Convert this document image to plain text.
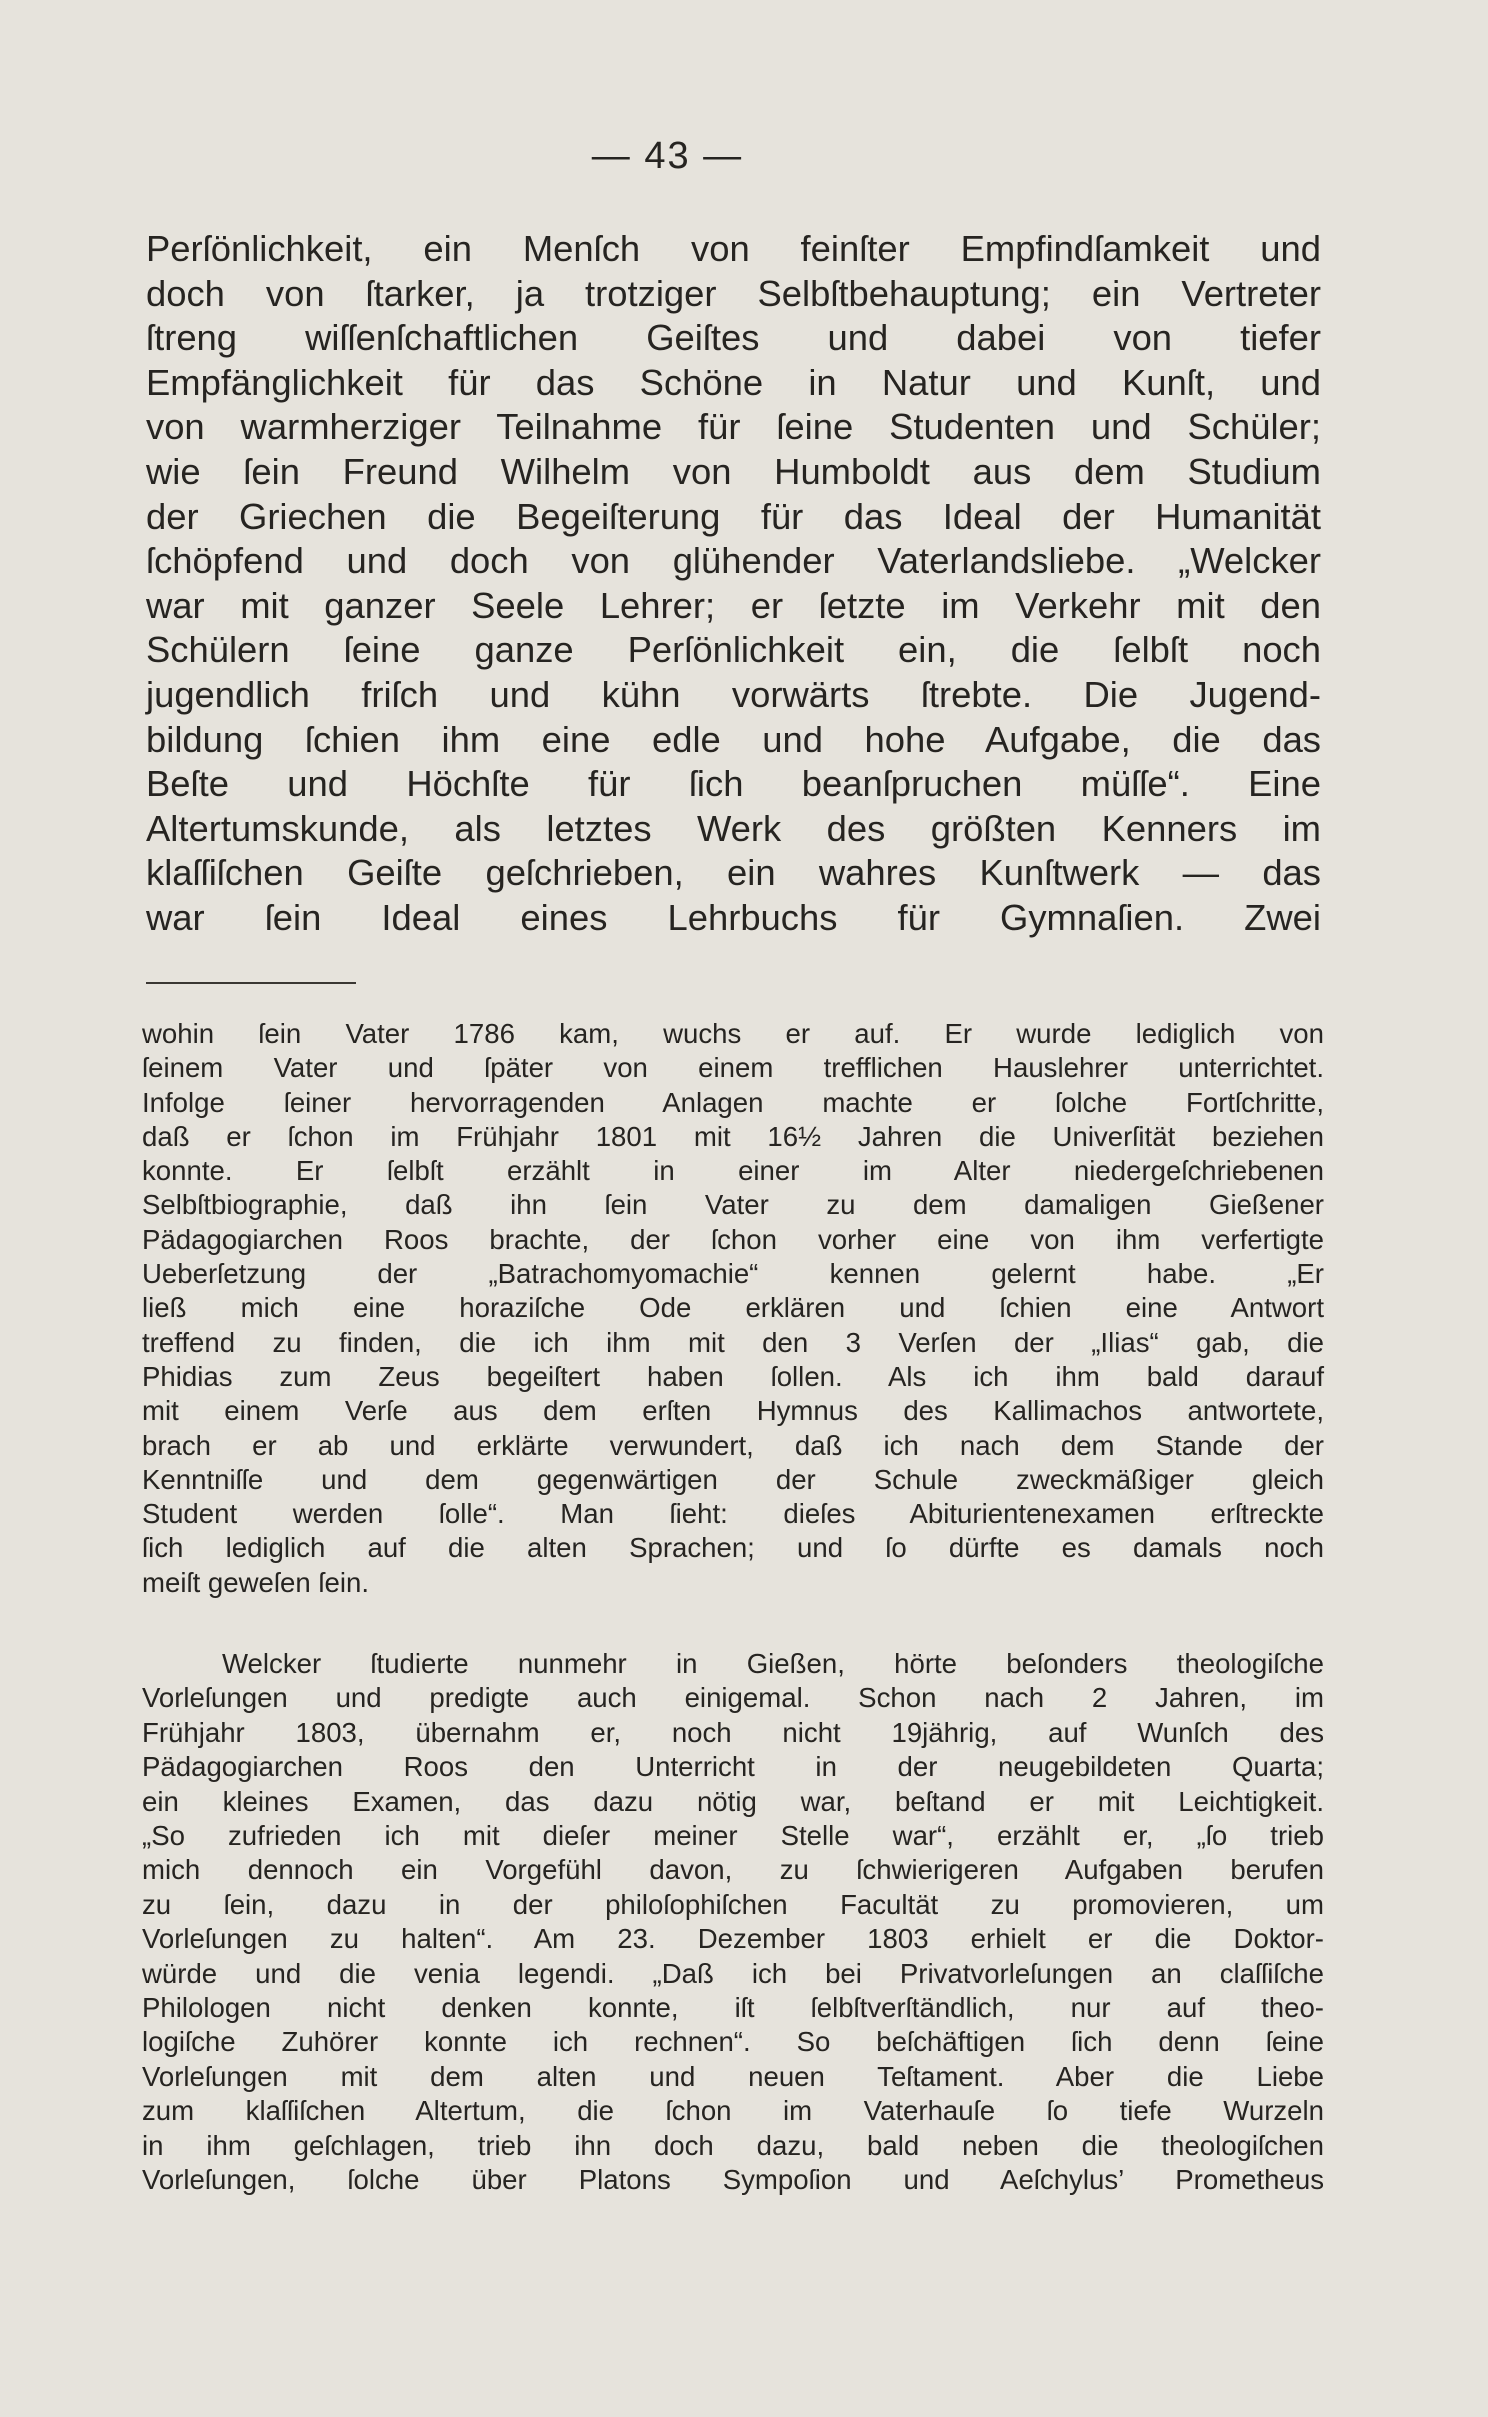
— 43 —
Perſönlichkeit, ein Menſch von feinſter Empfindſamkeit und
doch von ſtarker, ja trotziger Selbſtbehauptung; ein Vertreter
ſtreng wiſſenſchaftlichen Geiſtes und dabei von tiefer
Empfänglichkeit für das Schöne in Natur und Kunſt, und
von warmherziger Teilnahme für ſeine Studenten und Schüler;
wie ſein Freund Wilhelm von Humboldt aus dem Studium
der Griechen die Begeiſterung für das Ideal der Humanität
ſchöpfend und doch von glühender Vaterlandsliebe. „Welcker
war mit ganzer Seele Lehrer; er ſetzte im Verkehr mit den
Schülern ſeine ganze Perſönlichkeit ein, die ſelbſt noch
jugendlich friſch und kühn vorwärts ſtrebte. Die Jugend-
bildung ſchien ihm eine edle und hohe Aufgabe, die das
Beſte und Höchſte für ſich beanſpruchen müſſe“. Eine
Altertumskunde, als letztes Werk des größten Kenners im
klaſſiſchen Geiſte geſchrieben, ein wahres Kunſtwerk — das
war ſein Ideal eines Lehrbuchs für Gymnaſien. Zwei
wohin ſein Vater 1786 kam, wuchs er auf. Er wurde lediglich von
ſeinem Vater und ſpäter von einem trefflichen Hauslehrer unterrichtet.
Infolge ſeiner hervorragenden Anlagen machte er ſolche Fortſchritte,
daß er ſchon im Frühjahr 1801 mit 16½ Jahren die Univerſität beziehen
konnte. Er ſelbſt erzählt in einer im Alter niedergeſchriebenen
Selbſtbiographie, daß ihn ſein Vater zu dem damaligen Gießener
Pädagogiarchen Roos brachte, der ſchon vorher eine von ihm verfertigte
Ueberſetzung der „Batrachomyomachie“ kennen gelernt habe. „Er
ließ mich eine horaziſche Ode erklären und ſchien eine Antwort
treffend zu finden, die ich ihm mit den 3 Verſen der „Ilias“ gab, die
Phidias zum Zeus begeiſtert haben ſollen. Als ich ihm bald darauf
mit einem Verſe aus dem erſten Hymnus des Kallimachos antwortete,
brach er ab und erklärte verwundert, daß ich nach dem Stande der
Kenntniſſe und dem gegenwärtigen der Schule zweckmäßiger gleich
Student werden ſolle“. Man ſieht: dieſes Abiturientenexamen erſtreckte
ſich lediglich auf die alten Sprachen; und ſo dürfte es damals noch
meiſt geweſen ſein.
Welcker ſtudierte nunmehr in Gießen, hörte beſonders theologiſche
Vorleſungen und predigte auch einigemal. Schon nach 2 Jahren, im
Frühjahr 1803, übernahm er, noch nicht 19jährig, auf Wunſch des
Pädagogiarchen Roos den Unterricht in der neugebildeten Quarta;
ein kleines Examen, das dazu nötig war, beſtand er mit Leichtigkeit.
„So zufrieden ich mit dieſer meiner Stelle war“, erzählt er, „ſo trieb
mich dennoch ein Vorgefühl davon, zu ſchwierigeren Aufgaben berufen
zu ſein, dazu in der philoſophiſchen Facultät zu promovieren, um
Vorleſungen zu halten“. Am 23. Dezember 1803 erhielt er die Doktor-
würde und die venia legendi. „Daß ich bei Privatvorleſungen an claſſiſche
Philologen nicht denken konnte, iſt ſelbſtverſtändlich, nur auf theo-
logiſche Zuhörer konnte ich rechnen“. So beſchäftigen ſich denn ſeine
Vorleſungen mit dem alten und neuen Teſtament. Aber die Liebe
zum klaſſiſchen Altertum, die ſchon im Vaterhauſe ſo tiefe Wurzeln
in ihm geſchlagen, trieb ihn doch dazu, bald neben die theologiſchen
Vorleſungen, ſolche über Platons Sympoſion und Aeſchylus’ Prometheus
